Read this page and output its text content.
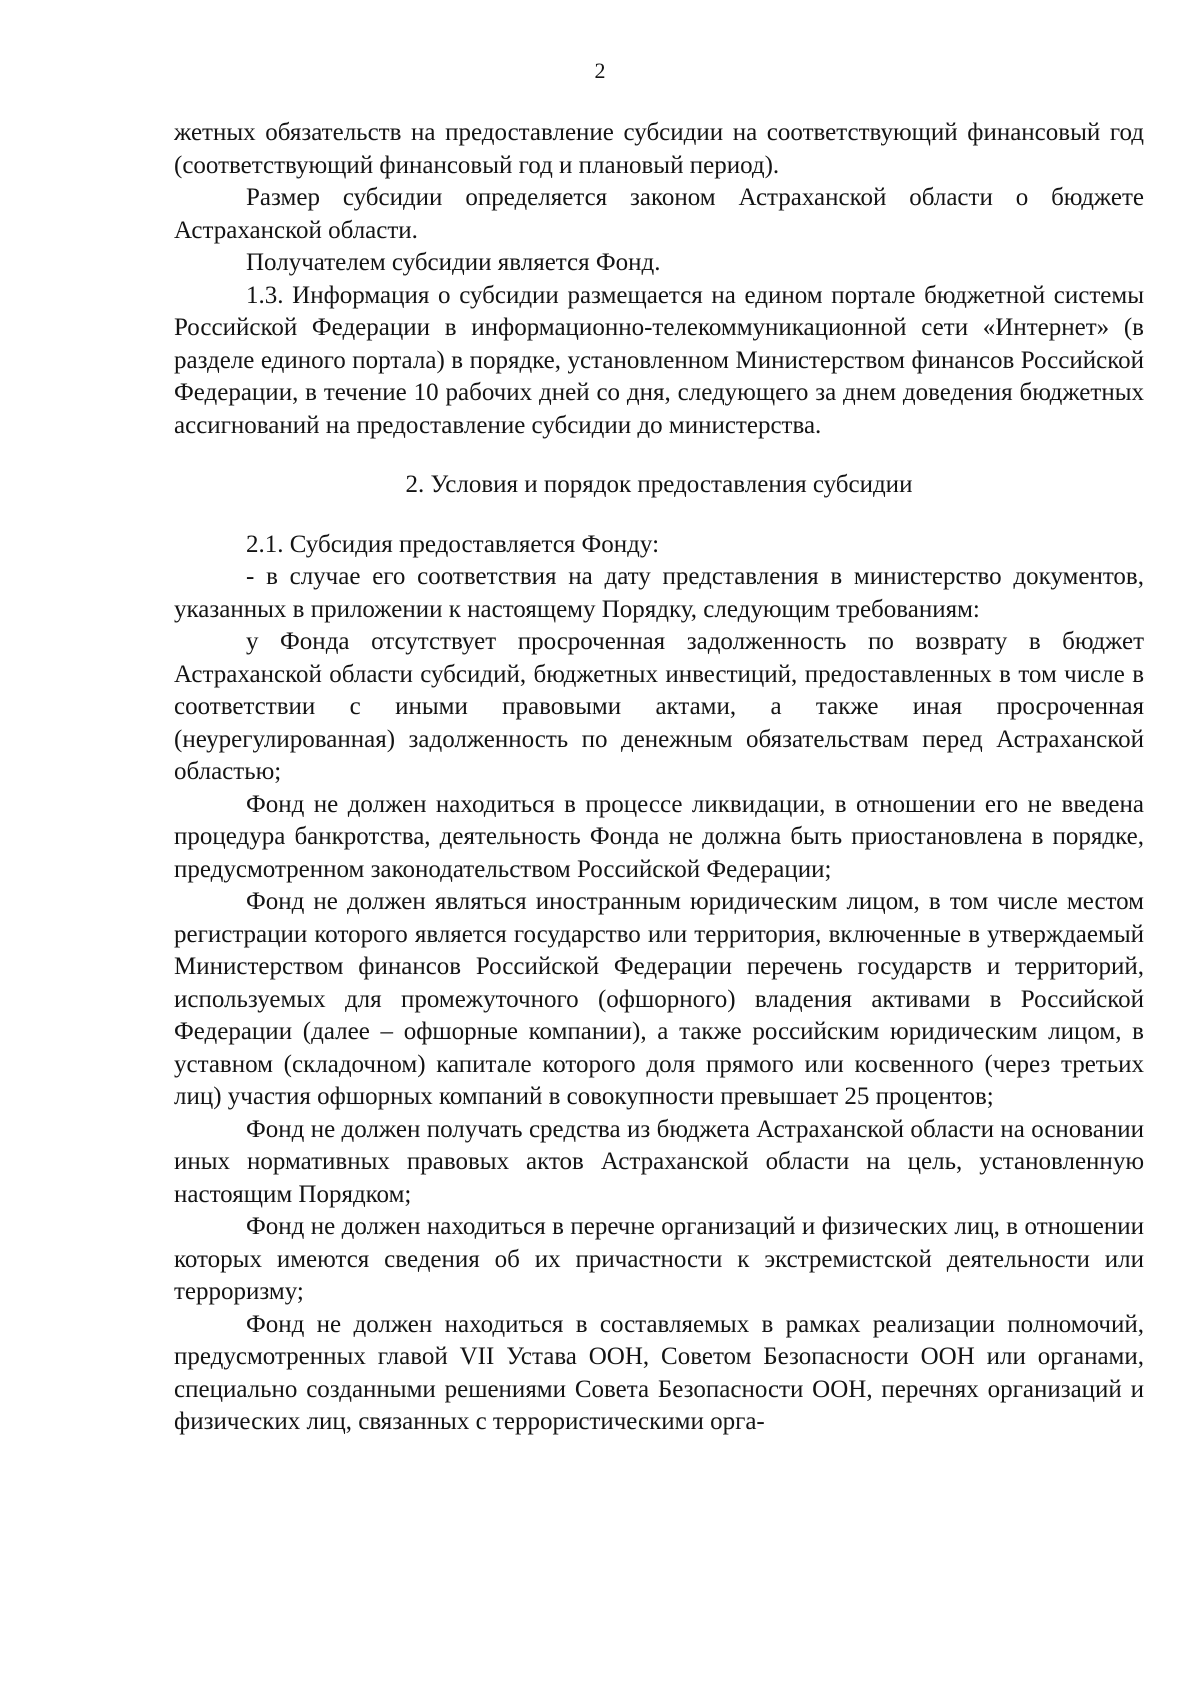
2

жетных обязательств на предоставление субсидии на соответствующий финансовый год (соответствующий финансовый год и плановый период).

Размер субсидии определяется законом Астраханской области о бюджете Астраханской области.

Получателем субсидии является Фонд.

1.3. Информация о субсидии размещается на едином портале бюджетной системы Российской Федерации в информационно-телекоммуникационной сети «Интернет» (в разделе единого портала) в порядке, установленном Министерством финансов Российской Федерации, в течение 10 рабочих дней со дня, следующего за днем доведения бюджетных ассигнований на предоставление субсидии до министерства.

2. Условия и порядок предоставления субсидии

2.1. Субсидия предоставляется Фонду:

- в случае его соответствия на дату представления в министерство документов, указанных в приложении к настоящему Порядку, следующим требованиям:

у Фонда отсутствует просроченная задолженность по возврату в бюджет Астраханской области субсидий, бюджетных инвестиций, предоставленных в том числе в соответствии с иными правовыми актами, а также иная просроченная (неурегулированная) задолженность по денежным обязательствам перед Астраханской областью;

Фонд не должен находиться в процессе ликвидации, в отношении его не введена процедура банкротства, деятельность Фонда не должна быть приостановлена в порядке, предусмотренном законодательством Российской Федерации;

Фонд не должен являться иностранным юридическим лицом, в том числе местом регистрации которого является государство или территория, включенные в утверждаемый Министерством финансов Российской Федерации перечень государств и территорий, используемых для промежуточного (офшорного) владения активами в Российской Федерации (далее – офшорные компании), а также российским юридическим лицом, в уставном (складочном) капитале которого доля прямого или косвенного (через третьих лиц) участия офшорных компаний в совокупности превышает 25 процентов;

Фонд не должен получать средства из бюджета Астраханской области на основании иных нормативных правовых актов Астраханской области на цель, установленную настоящим Порядком;

Фонд не должен находиться в перечне организаций и физических лиц, в отношении которых имеются сведения об их причастности к экстремистской деятельности или терроризму;

Фонд не должен находиться в составляемых в рамках реализации полномочий, предусмотренных главой VII Устава ООН, Советом Безопасности ООН или органами, специально созданными решениями Совета Безопасности ООН, перечнях организаций и физических лиц, связанных с террористическими орга-
